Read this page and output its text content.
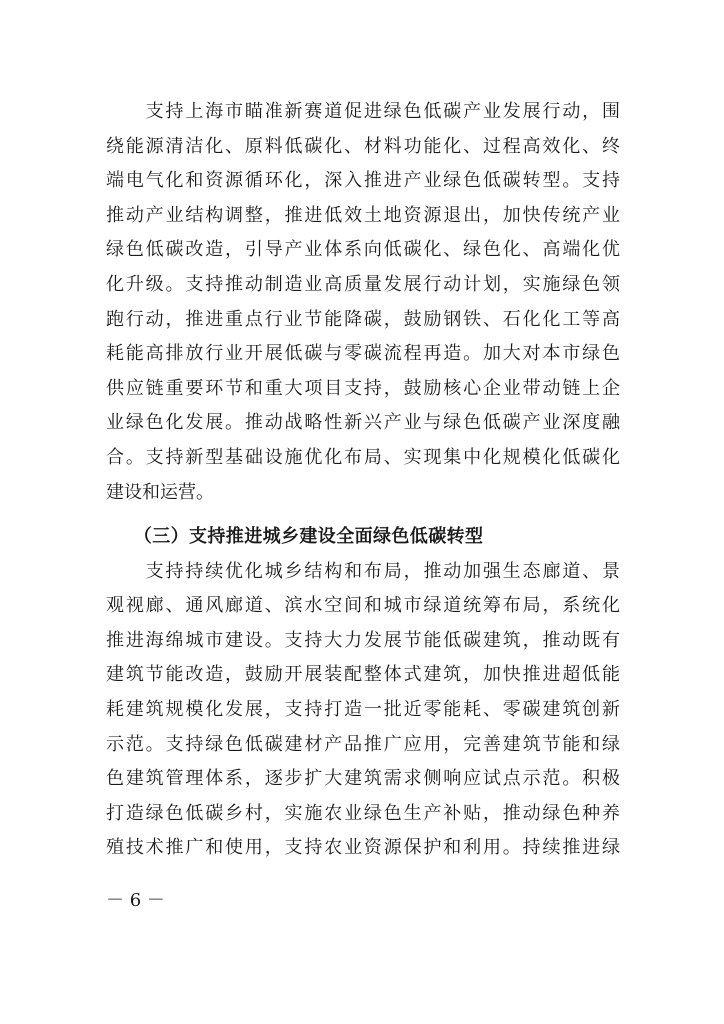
　　支持上海市瞄准新赛道促进绿色低碳产业发展行动，围
绕能源清洁化、原料低碳化、材料功能化、过程高效化、终
端电气化和资源循环化，深入推进产业绿色低碳转型。支持
推动产业结构调整，推进低效土地资源退出，加快传统产业
绿色低碳改造，引导产业体系向低碳化、绿色化、高端化优
化升级。支持推动制造业高质量发展行动计划，实施绿色领
跑行动，推进重点行业节能降碳，鼓励钢铁、石化化工等高
耗能高排放行业开展低碳与零碳流程再造。加大对本市绿色
供应链重要环节和重大项目支持，鼓励核心企业带动链上企
业绿色化发展。推动战略性新兴产业与绿色低碳产业深度融
合。支持新型基础设施优化布局、实现集中化规模化低碳化
建设和运营。
　　（三）支持推进城乡建设全面绿色低碳转型
　　支持持续优化城乡结构和布局，推动加强生态廊道、景
观视廊、通风廊道、滨水空间和城市绿道统筹布局，系统化
推进海绵城市建设。支持大力发展节能低碳建筑，推动既有
建筑节能改造，鼓励开展装配整体式建筑，加快推进超低能
耗建筑规模化发展，支持打造一批近零能耗、零碳建筑创新
示范。支持绿色低碳建材产品推广应用，完善建筑节能和绿
色建筑管理体系，逐步扩大建筑需求侧响应试点示范。积极
打造绿色低碳乡村，实施农业绿色生产补贴，推动绿色种养
殖技术推广和使用，支持农业资源保护和利用。持续推进绿
－ 6 －
